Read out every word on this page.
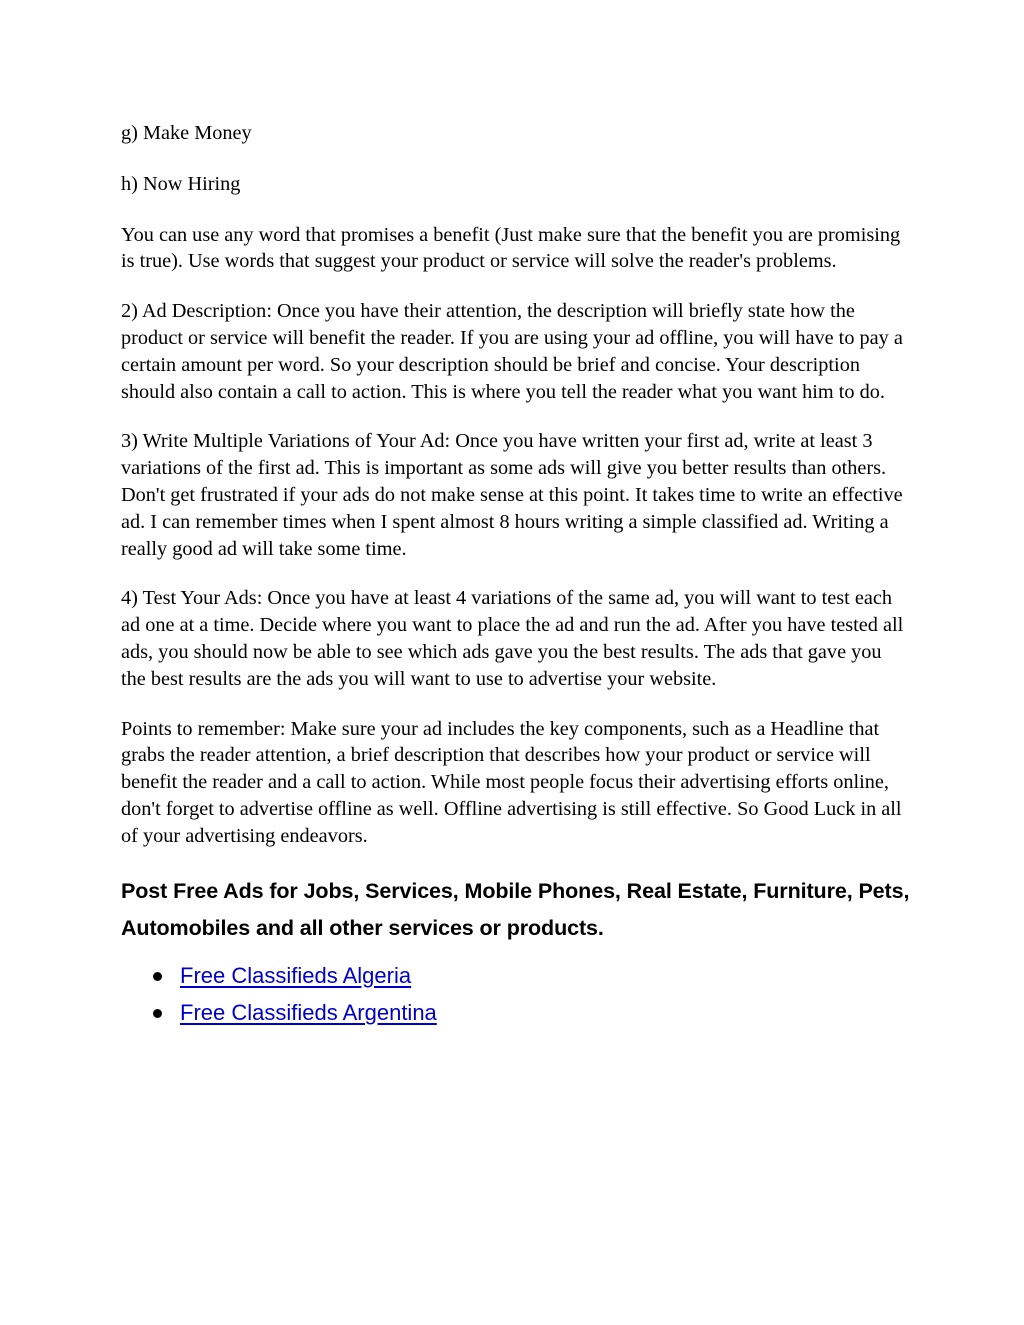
g) Make Money

h) Now Hiring

You can use any word that promises a benefit (Just make sure that the benefit you are promising is true). Use words that suggest your product or service will solve the reader's problems.

2) Ad Description: Once you have their attention, the description will briefly state how the product or service will benefit the reader. If you are using your ad offline, you will have to pay a certain amount per word. So your description should be brief and concise. Your description should also contain a call to action. This is where you tell the reader what you want him to do.

3) Write Multiple Variations of Your Ad: Once you have written your first ad, write at least 3 variations of the first ad. This is important as some ads will give you better results than others. Don't get frustrated if your ads do not make sense at this point. It takes time to write an effective ad. I can remember times when I spent almost 8 hours writing a simple classified ad. Writing a really good ad will take some time.

4) Test Your Ads: Once you have at least 4 variations of the same ad, you will want to test each ad one at a time. Decide where you want to place the ad and run the ad. After you have tested all ads, you should now be able to see which ads gave you the best results. The ads that gave you the best results are the ads you will want to use to advertise your website.

Points to remember: Make sure your ad includes the key components, such as a Headline that grabs the reader attention, a brief description that describes how your product or service will benefit the reader and a call to action. While most people focus their advertising efforts online, don't forget to advertise offline as well. Offline advertising is still effective. So Good Luck in all of your advertising endeavors.

Post Free Ads for Jobs, Services, Mobile Phones, Real Estate, Furniture, Pets, Automobiles and all other services or products.
Free Classifieds Algeria
Free Classifieds Argentina
